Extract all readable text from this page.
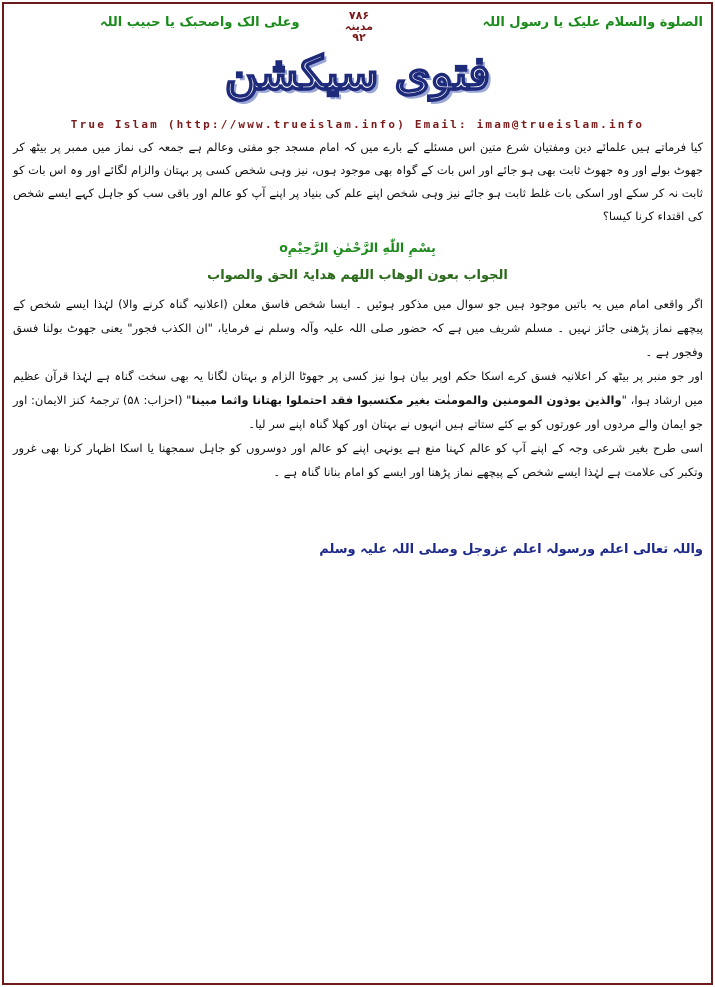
الصلوة والسلام علیک یا رسول اللہ
۷۸۶
مدینہ
۹۲
وعلی الک واصحبک یا حبیب اللہ
فتوی سیکشن
True Islam (http://www.trueislam.info) Email: imam@trueislam.info
کیا فرماتے ہیں علمائے دین ومفتیان شرع متین اس مسئلے کے بارے میں کہ امام مسجد جو مفتی وعالم ہے جمعہ کی نماز میں ممبر پر بیٹھ کر جھوٹ بولے اور وہ جھوٹ ثابت بھی ہو جائے اور اس بات کے گواہ بھی موجود ہوں، نیز وہی شخص کسی پر بہتان والزام لگائے اور وہ اس بات کو ثابت نہ کر سکے اور اسکی بات غلط ثابت ہو جائے نیز وہی شخص اپنے علم کی بنیاد پر اپنے آپ کو عالم اور باقی سب کو جاہل کہے ایسے شخص کی اقتداء کرنا کیسا؟
بِسْمِ اللّٰهِ الرَّحْمٰنِ الرَّحِيْمِo
الجواب بعون الوھاب اللھم ھدایۃ الحق والصواب

اگر واقعی امام میں یہ باتیں موجود ہیں جو سوال میں مذکور ہوئیں ۔ ایسا شخص فاسق معلن (اعلانیہ گناہ کرنے والا) لہٰذا ایسے شخص کے پیچھے نماز پڑھنی جائز نہیں ۔ مسلم شریف میں ہے کہ حضور صلی اللہ علیہ وآلہ وسلم نے فرمایا، "ان الکذب فجور" یعنی جھوٹ بولنا فسق وفجور ہے ۔

اور جو منبر پر بیٹھ کر اعلانیہ فسق کرے اسکا حکم اوپر بیان ہوا نیز کسی پر جھوٹا الزام و بہتان لگانا یہ بھی سخت گناہ ہے لہٰذا قرآن عظیم میں ارشاد ہوا، "والذین یوذون المومنین والمومنٰت بغیر مکتسبوا فقد احتملوا بھتانا واثما مبینا" (احزاب: ۵۸) ترجمۂ کنز الایمان: اور جو ایمان والے مردوں اور عورتوں کو بے کئے ستاتے ہیں انہوں نے بہتان اور کھلا گناہ اپنے سر لیا۔

اسی طرح بغیر شرعی وجہ کے اپنے آپ کو عالم کہنا منع ہے یونہی اپنے کو عالم اور دوسروں کو جاہل سمجھنا یا اسکا اظہار کرنا بھی غرور وتکبر کی علامت ہے لہٰذا ایسے شخص کے پیچھے نماز پڑھنا اور ایسے کو امام بنانا گناہ ہے ۔

واللہ تعالی اعلم ورسولہ اعلم عزوجل وصلی اللہ علیہ وسلم
